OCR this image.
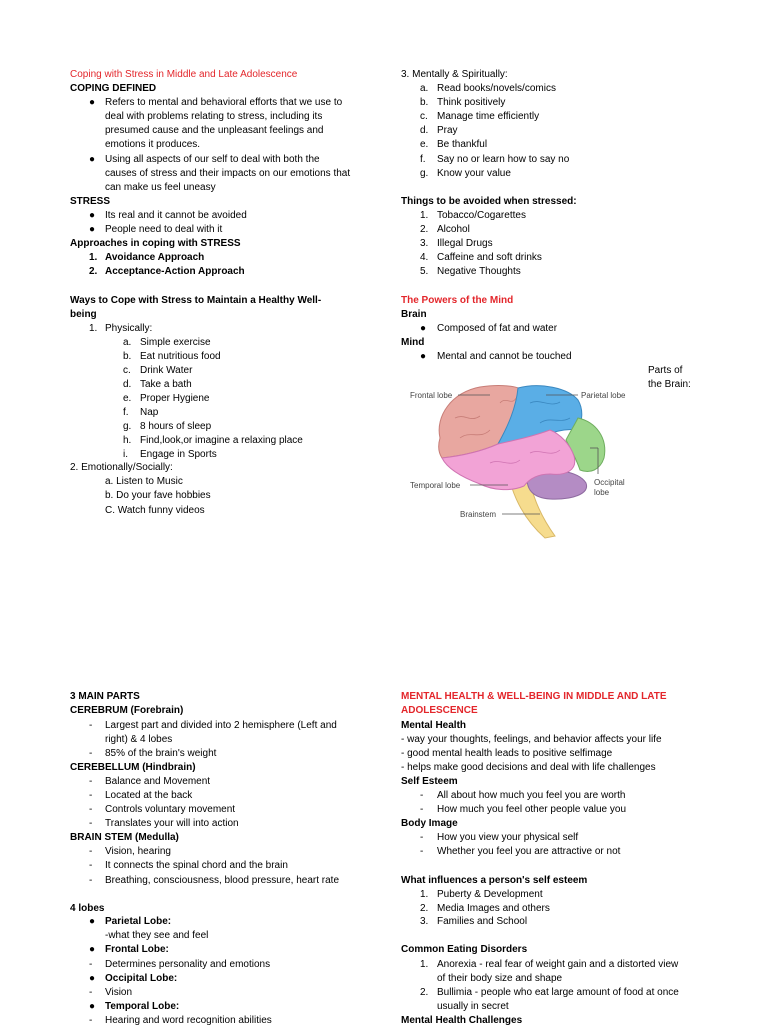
Coping with Stress in Middle and Late Adolescence
COPING DEFINED
● Refers to mental and behavioral efforts that we use to
deal with problems relating to stress, including its
presumed cause and the unpleasant feelings and
emotions it produces.
● Using all aspects of our self to deal with both the
causes of stress and their impacts on our emotions that
can make us feel uneasy
STRESS
● Its real and it cannot be avoided
● People need to deal with it
Approaches in coping with STRESS
1. Avoidance Approach
2. Acceptance-Action Approach
Ways to Cope with Stress to Maintain a Healthy Well-
being
1. Physically:
a. Simple exercise
b. Eat nutritious food
c. Drink Water
d. Take a bath
e. Proper Hygiene
f. Nap
g. 8 hours of sleep
h. Find,look,or imagine a relaxing place
i. Engage in Sports
2. Emotionally/Socially:
a. Listen to Music
b. Do your fave hobbies
C. Watch funny videos
3. Mentally & Spiritually:
a. Read books/novels/comics
b. Think positively
c. Manage time efficiently
d. Pray
e. Be thankful
f. Say no or learn how to say no
g. Know your value
Things to be avoided when stressed:
1. Tobacco/Cogarettes
2. Alcohol
3. Illegal Drugs
4. Caffeine and soft drinks
5. Negative Thoughts
The Powers of the Mind
Brain
● Composed of fat and water
Mind
● Mental and cannot be touched
Parts of
the Brain:
Frontal lobe	Parietal lobe
Temporal lobe	Occipital
lobe
Brainstem
3 MAIN PARTS
CEREBRUM (Forebrain)
- Largest part and divided into 2 hemisphere (Left and
right) & 4 lobes
- 85% of the brain's weight
CEREBELLUM (Hindbrain)
- Balance and Movement
- Located at the back
- Controls voluntary movement
- Translates your will into action
BRAIN STEM (Medulla)
- Vision, hearing
- It connects the spinal chord and the brain
- Breathing, consciousness, blood pressure, heart rate
4 lobes
● Parietal Lobe:
-what they see and feel
● Frontal Lobe:
- Determines personality and emotions
● Occipital Lobe:
- Vision
● Temporal Lobe:
- Hearing and word recognition abilities
MENTAL HEALTH & WELL-BEING IN MIDDLE AND LATE
ADOLESCENCE
Mental Health
- way your thoughts, feelings, and behavior affects your life
- good mental health leads to positive selfimage
- helps make good decisions and deal with life challenges
Self Esteem
- All about how much you feel you are worth
- How much you feel other people value you
Body Image
- How you view your physical self
- Whether you feel you are attractive or not
What influences a person's self esteem
1. Puberty & Development
2. Media Images and others
3. Families and School
Common Eating Disorders
1. Anorexia - real fear of weight gain and a distorted view
of their body size and shape
2. Bullimia - people who eat large amount of food at once
usually in secret
Mental Health Challenges
